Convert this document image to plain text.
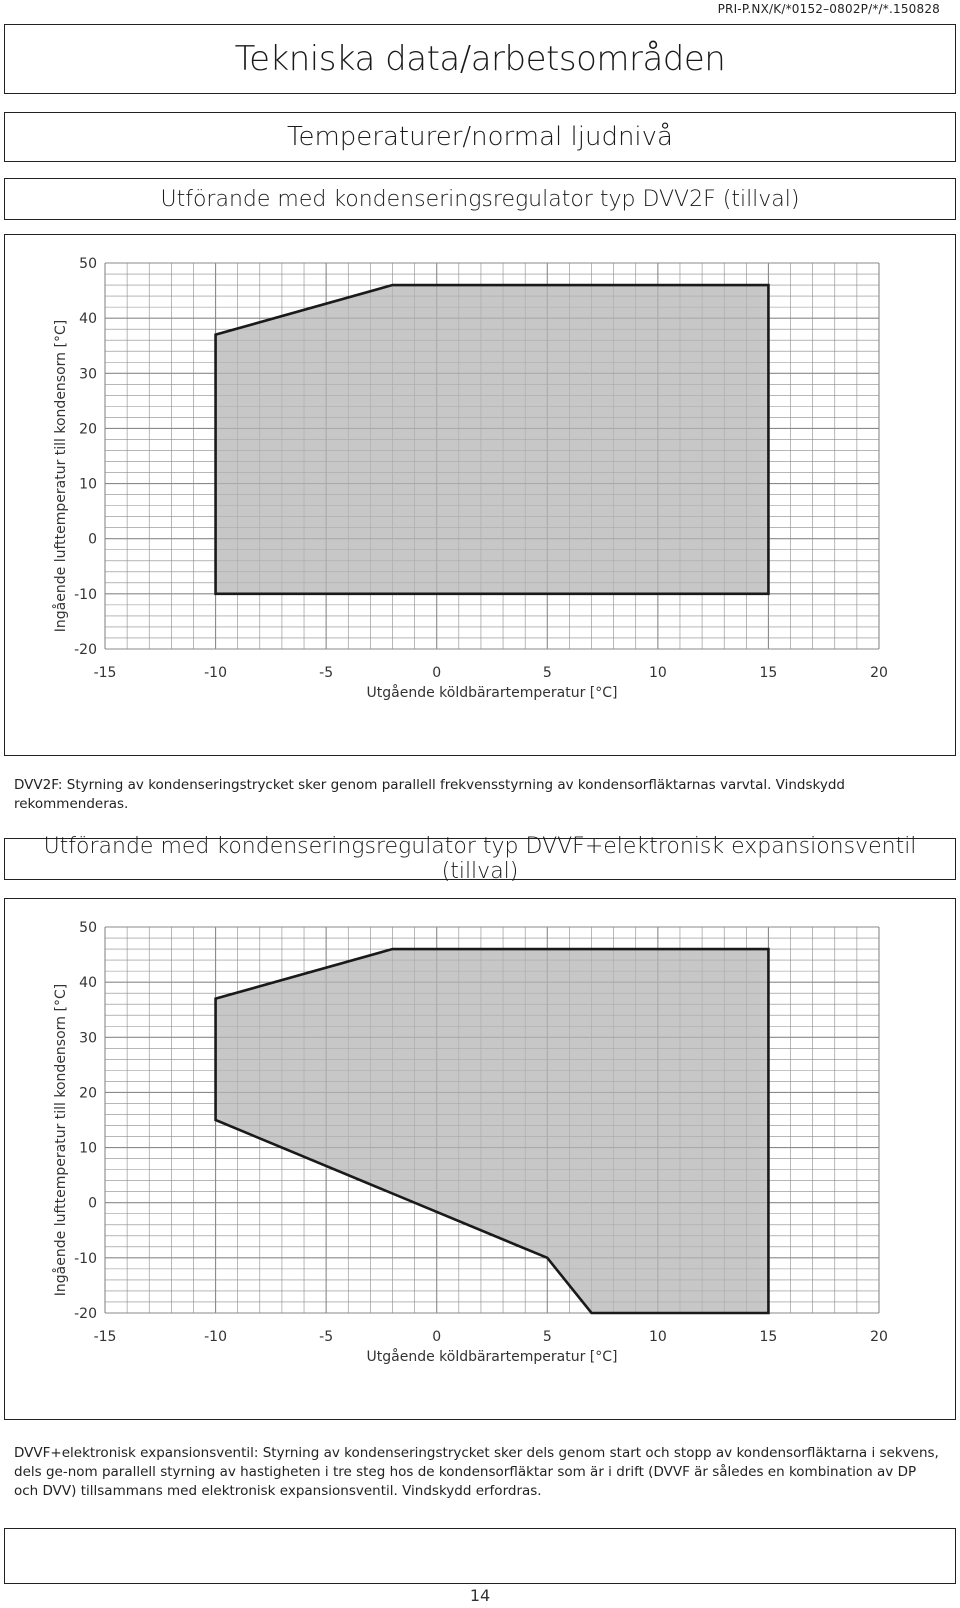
PRI-P.NX/K/*0152–0802P/*/*.150828
Tekniska data/arbetsområden
Temperaturer/normal ljudnivå
Utförande med kondenseringsregulator typ DVV2F (tillval)
-15	-10	-5	0	5	10	15	20
-20
-10
0
10
20
30
40
50
Utgående köldbärartemperatur [°C]
Ingående lufttemperatur till kondensorn [°C]
DVV2F: Styrning av kondenseringstrycket sker genom parallell frekvensstyrning av kondensorfläktarnas varvtal. Vindskydd rekommenderas.
Utförande med kondenseringsregulator typ DVVF+elektronisk expansionsventil (tillval)
-15	-10	-5	0	5	10	15	20
-20
-10
0
10
20
30
40
50
Utgående köldbärartemperatur [°C]
Ingående lufttemperatur till kondensorn [°C]
DVVF+elektronisk expansionsventil: Styrning av kondenseringstrycket sker dels genom start och stopp av kondensorfläktarna i sekvens, dels ge-nom parallell styrning av hastigheten i tre steg hos de kondensorfläktar som är i drift (DVVF är således en kombination av DP och DVV) tillsammans med elektronisk expansionsventil. Vindskydd erfordras.
14
